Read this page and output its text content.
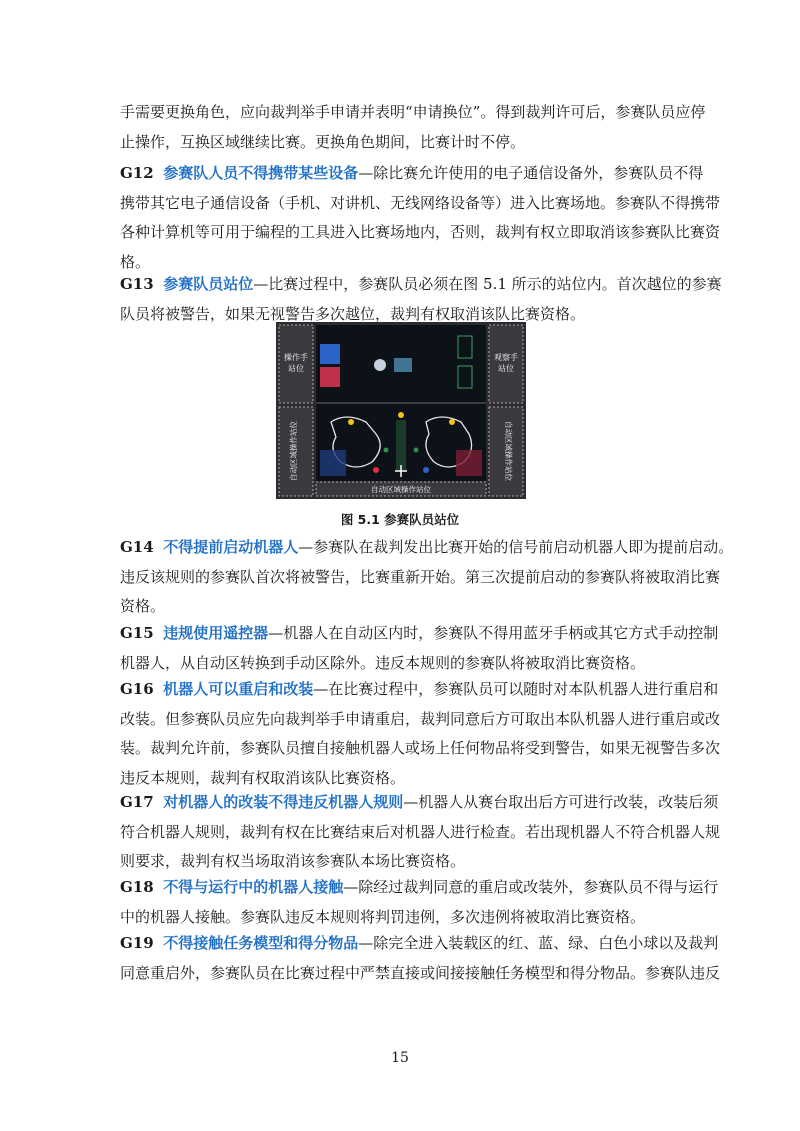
手需要更换角色，应向裁判举手申请并表明“申请换位”。得到裁判许可后，参赛队员应停
止操作，互换区域继续比赛。更换角色期间，比赛计时不停。
G12 参赛队人员不得携带某些设备—除比赛允许使用的电子通信设备外，参赛队员不得
携带其它电子通信设备（手机、对讲机、无线网络设备等）进入比赛场地。参赛队不得携带
各种计算机等可用于编程的工具进入比赛场地内，否则，裁判有权立即取消该参赛队比赛资
格。
G13 参赛队员站位—比赛过程中，参赛队员必须在图 5.1 所示的站位内。首次越位的参赛
队员将被警告，如果无视警告多次越位，裁判有权取消该队比赛资格。
操作手
站位
观察手
站位
自动区域操作站位	自动区域操作站位
自动区域操作站位
图 5.1 参赛队员站位
G14 不得提前启动机器人—参赛队在裁判发出比赛开始的信号前启动机器人即为提前启动。
违反该规则的参赛队首次将被警告，比赛重新开始。第三次提前启动的参赛队将被取消比赛
资格。
G15 违规使用遥控器—机器人在自动区内时，参赛队不得用蓝牙手柄或其它方式手动控制
机器人，从自动区转换到手动区除外。违反本规则的参赛队将被取消比赛资格。
G16 机器人可以重启和改装—在比赛过程中，参赛队员可以随时对本队机器人进行重启和
改装。但参赛队员应先向裁判举手申请重启，裁判同意后方可取出本队机器人进行重启或改
装。裁判允许前，参赛队员擅自接触机器人或场上任何物品将受到警告，如果无视警告多次
违反本规则，裁判有权取消该队比赛资格。
G17 对机器人的改装不得违反机器人规则—机器人从赛台取出后方可进行改装，改装后须
符合机器人规则，裁判有权在比赛结束后对机器人进行检查。若出现机器人不符合机器人规
则要求，裁判有权当场取消该参赛队本场比赛资格。
G18 不得与运行中的机器人接触—除经过裁判同意的重启或改装外，参赛队员不得与运行
中的机器人接触。参赛队违反本规则将判罚违例，多次违例将被取消比赛资格。
G19 不得接触任务模型和得分物品—除完全进入装载区的红、蓝、绿、白色小球以及裁判
同意重启外，参赛队员在比赛过程中严禁直接或间接接触任务模型和得分物品。参赛队违反
15
